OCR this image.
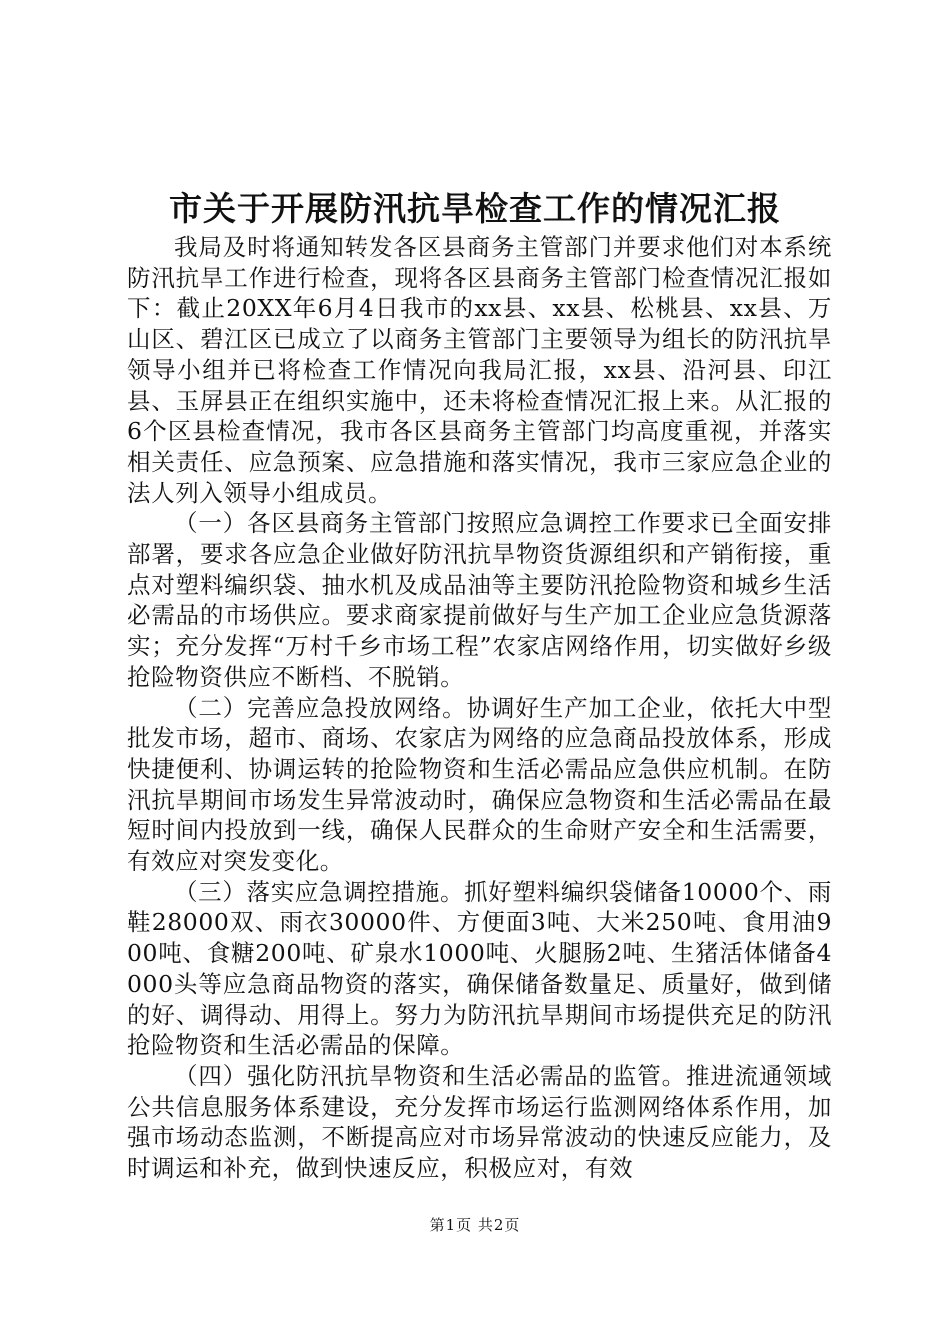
市关于开展防汛抗旱检查工作的情况汇报

我局及时将通知转发各区县商务主管部门并要求他们对本系统防汛抗旱工作进行检查，现将各区县商务主管部门检查情况汇报如下：截止20XX年6月4日我市的xx县、xx县、松桃县、xx县、万山区、碧江区已成立了以商务主管部门主要领导为组长的防汛抗旱领导小组并已将检查工作情况向我局汇报，xx县、沿河县、印江县、玉屏县正在组织实施中，还未将检查情况汇报上来。从汇报的6个区县检查情况，我市各区县商务主管部门均高度重视，并落实相关责任、应急预案、应急措施和落实情况，我市三家应急企业的法人列入领导小组成员。

（一）各区县商务主管部门按照应急调控工作要求已全面安排部署，要求各应急企业做好防汛抗旱物资货源组织和产销衔接，重点对塑料编织袋、抽水机及成品油等主要防汛抢险物资和城乡生活必需品的市场供应。要求商家提前做好与生产加工企业应急货源落实；充分发挥“万村千乡市场工程”农家店网络作用，切实做好乡级抢险物资供应不断档、不脱销。

（二）完善应急投放网络。协调好生产加工企业，依托大中型批发市场，超市、商场、农家店为网络的应急商品投放体系，形成快捷便利、协调运转的抢险物资和生活必需品应急供应机制。在防汛抗旱期间市场发生异常波动时，确保应急物资和生活必需品在最短时间内投放到一线，确保人民群众的生命财产安全和生活需要，有效应对突发变化。

（三）落实应急调控措施。抓好塑料编织袋储备10000个、雨鞋28000双、雨衣30000件、方便面3吨、大米250吨、食用油900吨、食糖200吨、矿泉水1000吨、火腿肠2吨、生猪活体储备4000头等应急商品物资的落实，确保储备数量足、质量好，做到储的好、调得动、用得上。努力为防汛抗旱期间市场提供充足的防汛抢险物资和生活必需品的保障。

（四）强化防汛抗旱物资和生活必需品的监管。推进流通领域公共信息服务体系建设，充分发挥市场运行监测网络体系作用，加强市场动态监测，不断提高应对市场异常波动的快速反应能力，及时调运和补充，做到快速反应，积极应对，有效

第1页 共2页
